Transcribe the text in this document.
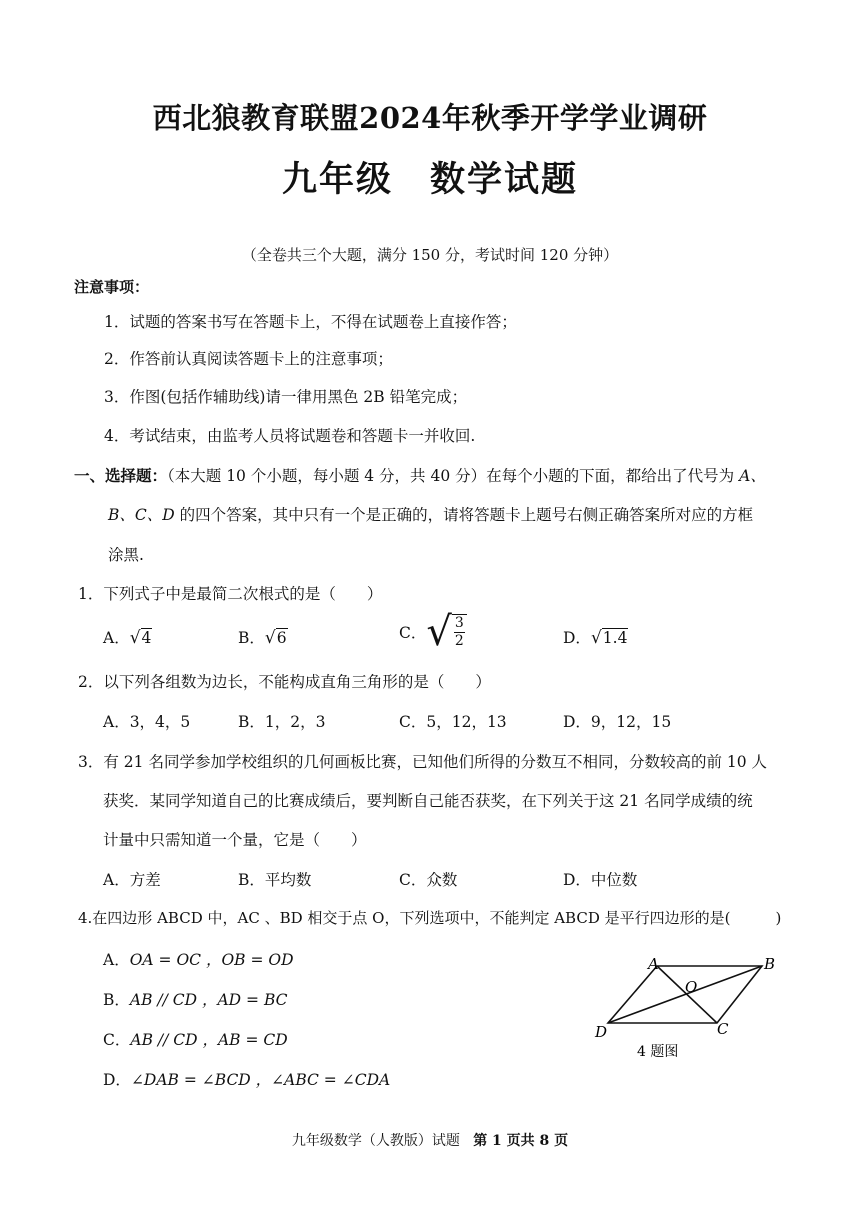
西北狼教育联盟2024年秋季开学学业调研
九年级　数学试题
（全卷共三个大题，满分 150 分，考试时间 120 分钟）
注意事项：
1．试题的答案书写在答题卡上，不得在试题卷上直接作答；
2．作答前认真阅读答题卡上的注意事项；
3．作图(包括作辅助线)请一律用黑色 2B 铅笔完成；
4．考试结束，由监考人员将试题卷和答题卡一并收回.
一、选择题：（本大题 10 个小题，每小题 4 分，共 40 分）在每个小题的下面，都给出了代号为 A、
B、C、D 的四个答案，其中只有一个是正确的，请将答题卡上题号右侧正确答案所对应的方框
涂黑.
1．下列式子中是最简二次根式的是（　　）
A．√4	B．√6	C． √ $\frac{3}{2}$	D．√1.4
2．以下列各组数为边长，不能构成直角三角形的是（　　）
A．3，4，5	B．1，2，3	C．5，12，13	D．9，12，15
3．有 21 名同学参加学校组织的几何画板比赛，已知他们所得的分数互不相同，分数较高的前 10 人
获奖．某同学知道自己的比赛成绩后，要判断自己能否获奖，在下列关于这 21 名同学成绩的统
计量中只需知道一个量，它是（　　）
A．方差	B．平均数	C．众数	D．中位数
4.在四边形 ABCD 中，AC 、BD 相交于点 O，下列选项中，不能判定 ABCD 是平行四边形的是(　　　)
A．OA = OC ，OB = OD
B．AB // CD ，AD = BC
C．AB // CD ，AB = CD
D．∠DAB = ∠BCD ，∠ABC = ∠CDA
A	B
C
D
O
4 题图
九年级数学（人教版）试题 第 1 页共 8 页
